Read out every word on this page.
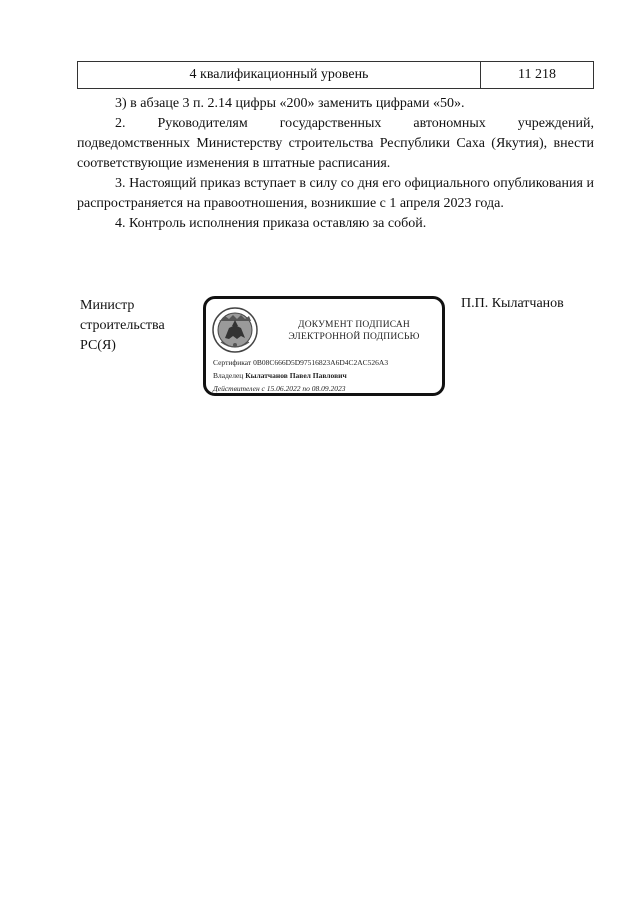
4 квалификационный уровень	11 218

3) в абзаце 3 п. 2.14 цифры «200» заменить цифрами «50».

2. Руководителям государственных автономных учреждений, подведомственных Министерству строительства Республики Саха (Якутия), внести соответствующие изменения в штатные расписания.

3. Настоящий приказ вступает в силу со дня его официального опубликования и распространяется на правоотношения, возникшие с 1 апреля 2023 года.

4. Контроль исполнения приказа оставляю за собой.

Министр
строительства
РС(Я)
ДОКУМЕНТ ПОДПИСАН
ЭЛЕКТРОННОЙ ПОДПИСЬЮ
Сертификат 0B08C666D5D97516823A6D4C2AC526A3
Владелец Кылатчанов Павел Павлович
Действителен с 15.06.2022 по 08.09.2023
П.П. Кылатчанов
